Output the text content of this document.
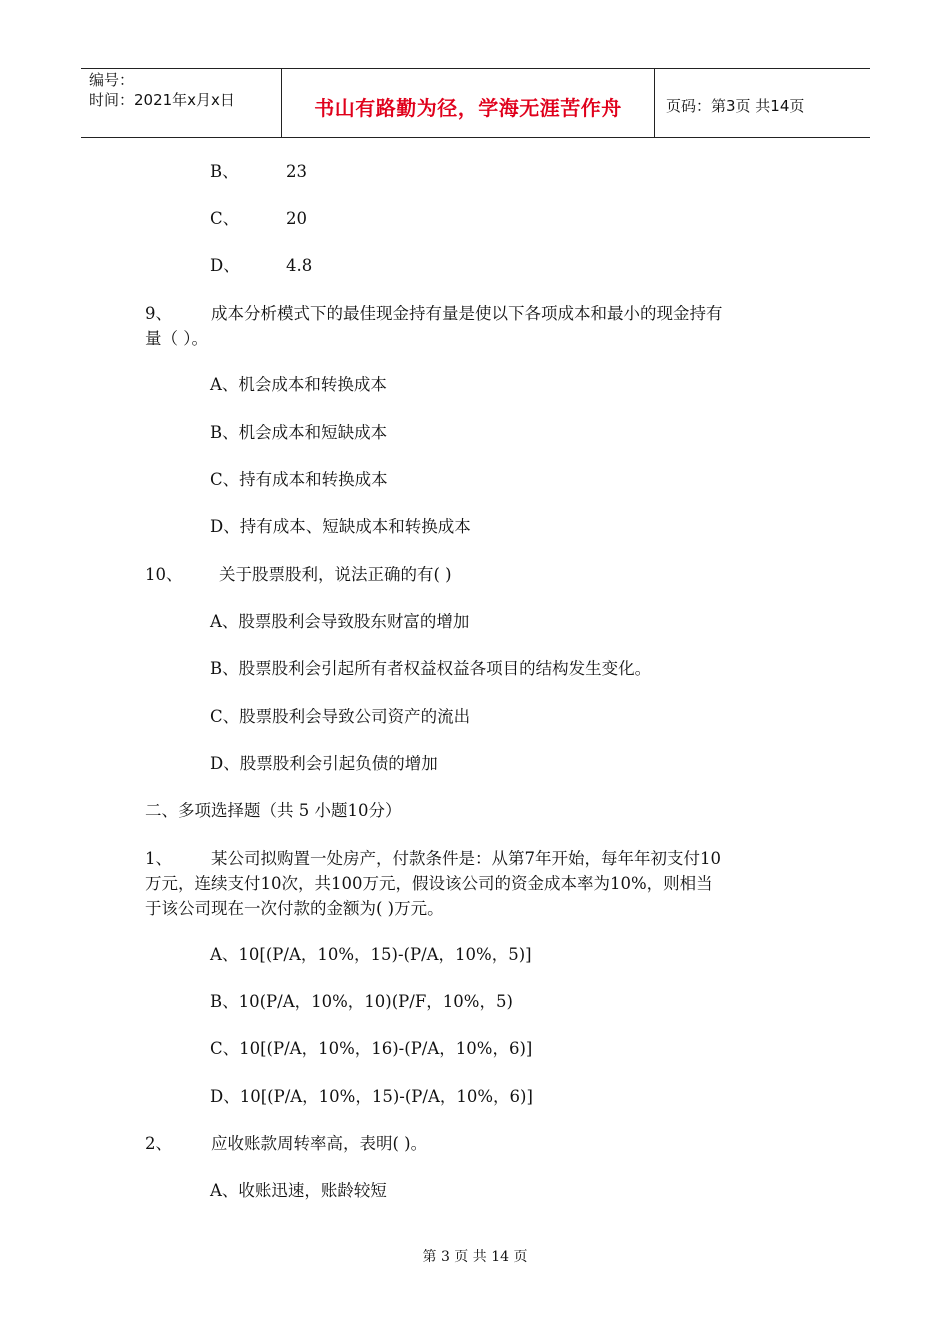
编号：
时间：2021年x月x日	书山有路勤为径，学海无涯苦作舟	页码：第3页 共14页
B、	23
C、	20
D、	4.8
9、 成本分析模式下的最佳现金持有量是使以下各项成本和最小的现金持有
量（ ）。
A、机会成本和转换成本
B、机会成本和短缺成本
C、持有成本和转换成本
D、持有成本、短缺成本和转换成本
10、 关于股票股利，说法正确的有( )
A、股票股利会导致股东财富的增加
B、股票股利会引起所有者权益权益各项目的结构发生变化。
C、股票股利会导致公司资产的流出
D、股票股利会引起负债的增加
二、多项选择题（共 5 小题10分）
1、 某公司拟购置一处房产，付款条件是：从第7年开始，每年年初支付10
万元，连续支付10次，共100万元，假设该公司的资金成本率为10%，则相当
于该公司现在一次付款的金额为( )万元。
A、10[(P/A，10%，15)-(P/A，10%，5)]
B、10(P/A，10%，10)(P/F，10%，5)
C、10[(P/A，10%，16)-(P/A，10%，6)]
D、10[(P/A，10%，15)-(P/A，10%，6)]
2、 应收账款周转率高，表明( )。
A、收账迅速，账龄较短
第 3 页 共 14 页
